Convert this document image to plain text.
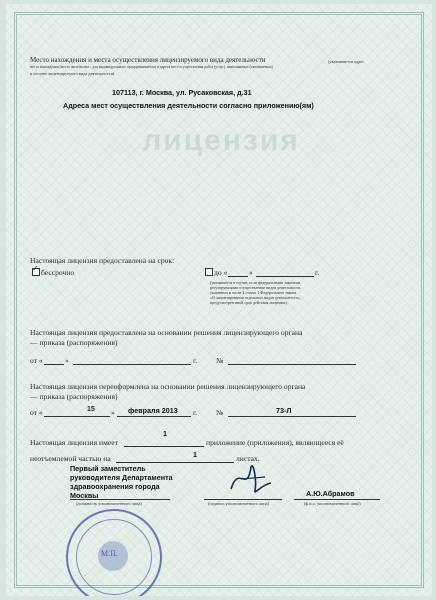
лицензия
Место нахождения и места осуществления лицензируемого вида деятельности	(указываются адрес
места нахождения (место жительства – для индивидуального предпринимателя) и адреса мест осуществления работ (услуг), выполняемых (оказываемых)
в составе лицензируемого вида деятельности)
107113, г. Москва, ул. Русаковская, д.31
Адреса мест осуществления деятельности согласно приложению(ям)
Настоящая лицензия предоставлена на срок:
✓ бессрочно	до «	»	г.
(указывается в случае, если федеральными законами,
регулирующими осуществление видов деятельности,
указанных в части 4 статьи 1 Федерального закона
«О лицензировании отдельных видов деятельности»,
предусмотрен иной срок действия лицензии)
Настоящая лицензия предоставлена на основании решения лицензирующего органа
— приказа (распоряжения)
от «	»	г. №
Настоящая лицензия переоформлена на основании решения лицензирующего органа
— приказа (распоряжения)
от «	15 » февраля 2013 г. №	73-Л
Настоящая лицензия имеет
1
приложение (приложения), являющееся её
неотъемлемой частью на	1	листах.
Первый заместитель
руководителя Департамента
здравоохранения города
Москвы
(должность уполномоченного лица)	(подпись уполномоченного лица)
А.Ю.Абрамов
(ф.и.о. уполномоченного лица)
М.П.
